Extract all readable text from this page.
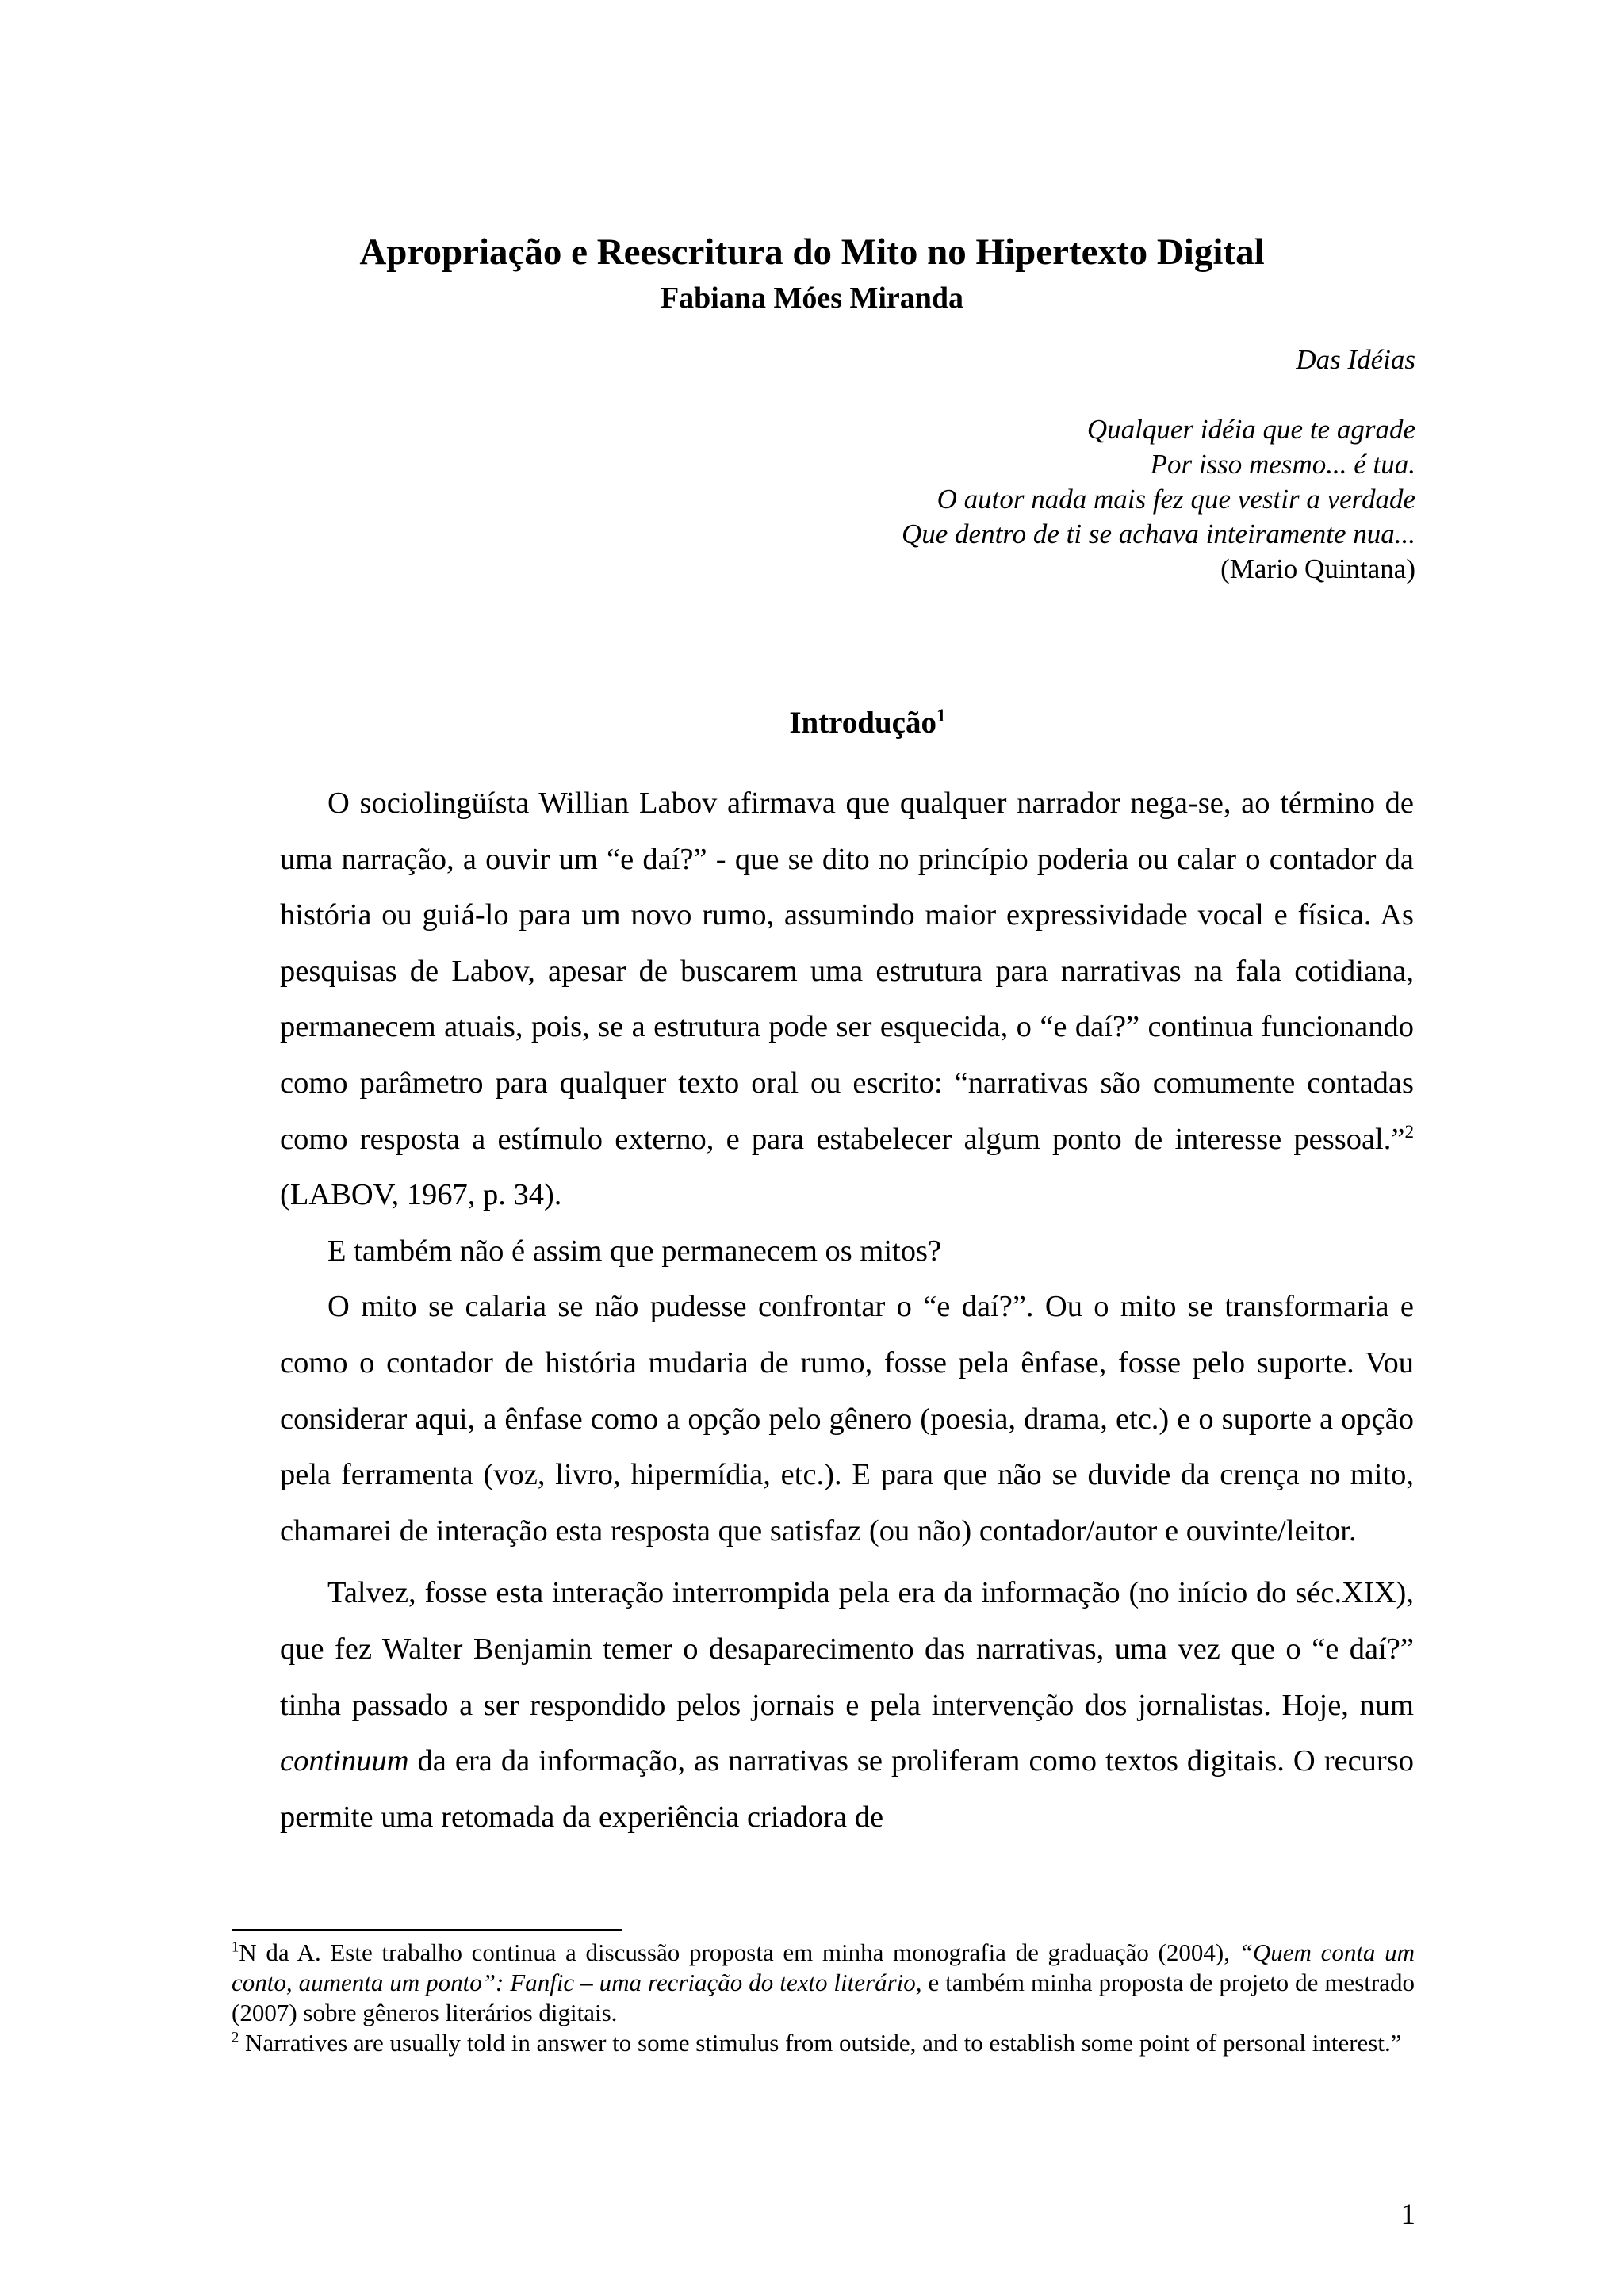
Apropriação e Reescritura do Mito no Hipertexto Digital
Fabiana Móes Miranda
Das Idéias
Qualquer idéia que te agrade
Por isso mesmo... é tua.
O autor nada mais fez que vestir a verdade
Que dentro de ti se achava inteiramente nua...
(Mario Quintana)
Introdução$^1$

O sociolingüísta Willian Labov afirmava que qualquer narrador nega-se, ao término de uma narração, a ouvir um “e daí?” - que se dito no princípio poderia ou calar o contador da história ou guiá-lo para um novo rumo, assumindo maior expressividade vocal e física. As pesquisas de Labov, apesar de buscarem uma estrutura para narrativas na fala cotidiana, permanecem atuais, pois, se a estrutura pode ser esquecida, o “e daí?” continua funcionando como parâmetro para qualquer texto oral ou escrito: “narrativas são comumente contadas como resposta a estímulo externo, e para estabelecer algum ponto de interesse pessoal.”$^2$ (LABOV, 1967, p. 34).

E também não é assim que permanecem os mitos?

O mito se calaria se não pudesse confrontar o “e daí?”. Ou o mito se transformaria e como o contador de história mudaria de rumo, fosse pela ênfase, fosse pelo suporte. Vou considerar aqui, a ênfase como a opção pelo gênero (poesia, drama, etc.) e o suporte a opção pela ferramenta (voz, livro, hipermídia, etc.). E para que não se duvide da crença no mito, chamarei de interação esta resposta que satisfaz (ou não) contador/autor e ouvinte/leitor.

Talvez, fosse esta interação interrompida pela era da informação (no início do séc.XIX), que fez Walter Benjamin temer o desaparecimento das narrativas, uma vez que o “e daí?” tinha passado a ser respondido pelos jornais e pela intervenção dos jornalistas. Hoje, num continuum da era da informação, as narrativas se proliferam como textos digitais. O recurso permite uma retomada da experiência criadora de

$^1$N da A. Este trabalho continua a discussão proposta em minha monografia de graduação (2004), “Quem conta um conto, aumenta um ponto”: Fanfic – uma recriação do texto literário, e também minha proposta de projeto de mestrado (2007) sobre gêneros literários digitais.

$^2$ Narratives are usually told in answer to some stimulus from outside, and to establish some point of personal interest.”

1
